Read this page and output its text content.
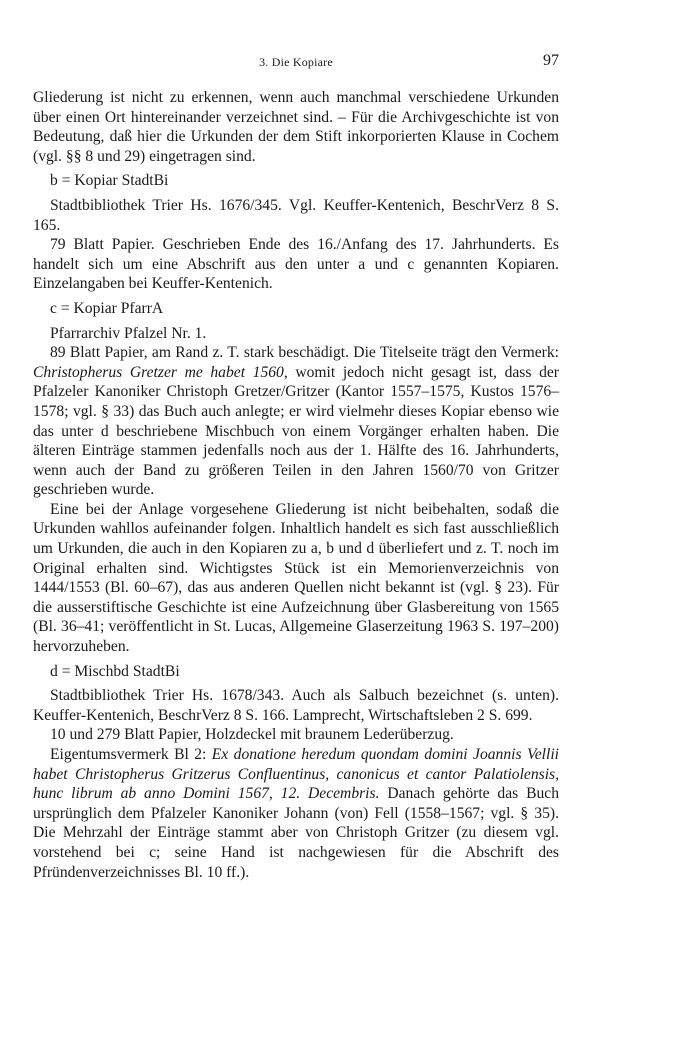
3. Die Kopiare	97

Gliederung ist nicht zu erkennen, wenn auch manchmal verschiedene Urkunden über einen Ort hintereinander verzeichnet sind. – Für die Archivgeschichte ist von Bedeutung, daß hier die Urkunden der dem Stift inkorporierten Klause in Cochem (vgl. §§ 8 und 29) eingetragen sind.

b = Kopiar StadtBi

Stadtbibliothek Trier Hs. 1676/345. Vgl. Keuffer-Kentenich, BeschrVerz 8 S. 165.

79 Blatt Papier. Geschrieben Ende des 16./Anfang des 17. Jahrhunderts. Es handelt sich um eine Abschrift aus den unter a und c genannten Kopiaren. Einzelangaben bei Keuffer-Kentenich.

c = Kopiar PfarrA

Pfarrarchiv Pfalzel Nr. 1.

89 Blatt Papier, am Rand z. T. stark beschädigt. Die Titelseite trägt den Vermerk: Christopherus Gretzer me habet 1560, womit jedoch nicht gesagt ist, dass der Pfalzeler Kanoniker Christoph Gretzer/Gritzer (Kantor 1557–1575, Kustos 1576–1578; vgl. § 33) das Buch auch anlegte; er wird vielmehr dieses Kopiar ebenso wie das unter d beschriebene Mischbuch von einem Vorgänger erhalten haben. Die älteren Einträge stammen jedenfalls noch aus der 1. Hälfte des 16. Jahrhunderts, wenn auch der Band zu größeren Teilen in den Jahren 1560/70 von Gritzer geschrieben wurde.

Eine bei der Anlage vorgesehene Gliederung ist nicht beibehalten, sodaß die Urkunden wahllos aufeinander folgen. Inhaltlich handelt es sich fast ausschließlich um Urkunden, die auch in den Kopiaren zu a, b und d überliefert und z. T. noch im Original erhalten sind. Wichtigstes Stück ist ein Memorienverzeichnis von 1444/1553 (Bl. 60–67), das aus anderen Quellen nicht bekannt ist (vgl. § 23). Für die ausserstiftische Geschichte ist eine Aufzeichnung über Glasbereitung von 1565 (Bl. 36–41; veröffentlicht in St. Lucas, Allgemeine Glaserzeitung 1963 S. 197–200) hervorzuheben.

d = Mischbd StadtBi

Stadtbibliothek Trier Hs. 1678/343. Auch als Salbuch bezeichnet (s. unten). Keuffer-Kentenich, BeschrVerz 8 S. 166. Lamprecht, Wirtschaftsleben 2 S. 699.

10 und 279 Blatt Papier, Holzdeckel mit braunem Lederüberzug.

Eigentumsvermerk Bl 2: Ex donatione heredum quondam domini Joannis Vellii habet Christopherus Gritzerus Confluentinus, canonicus et cantor Palatiolensis, hunc librum ab anno Domini 1567, 12. Decembris. Danach gehörte das Buch ursprünglich dem Pfalzeler Kanoniker Johann (von) Fell (1558–1567; vgl. § 35). Die Mehrzahl der Einträge stammt aber von Christoph Gritzer (zu diesem vgl. vorstehend bei c; seine Hand ist nachgewiesen für die Abschrift des Pfründenverzeichnisses Bl. 10 ff.).
